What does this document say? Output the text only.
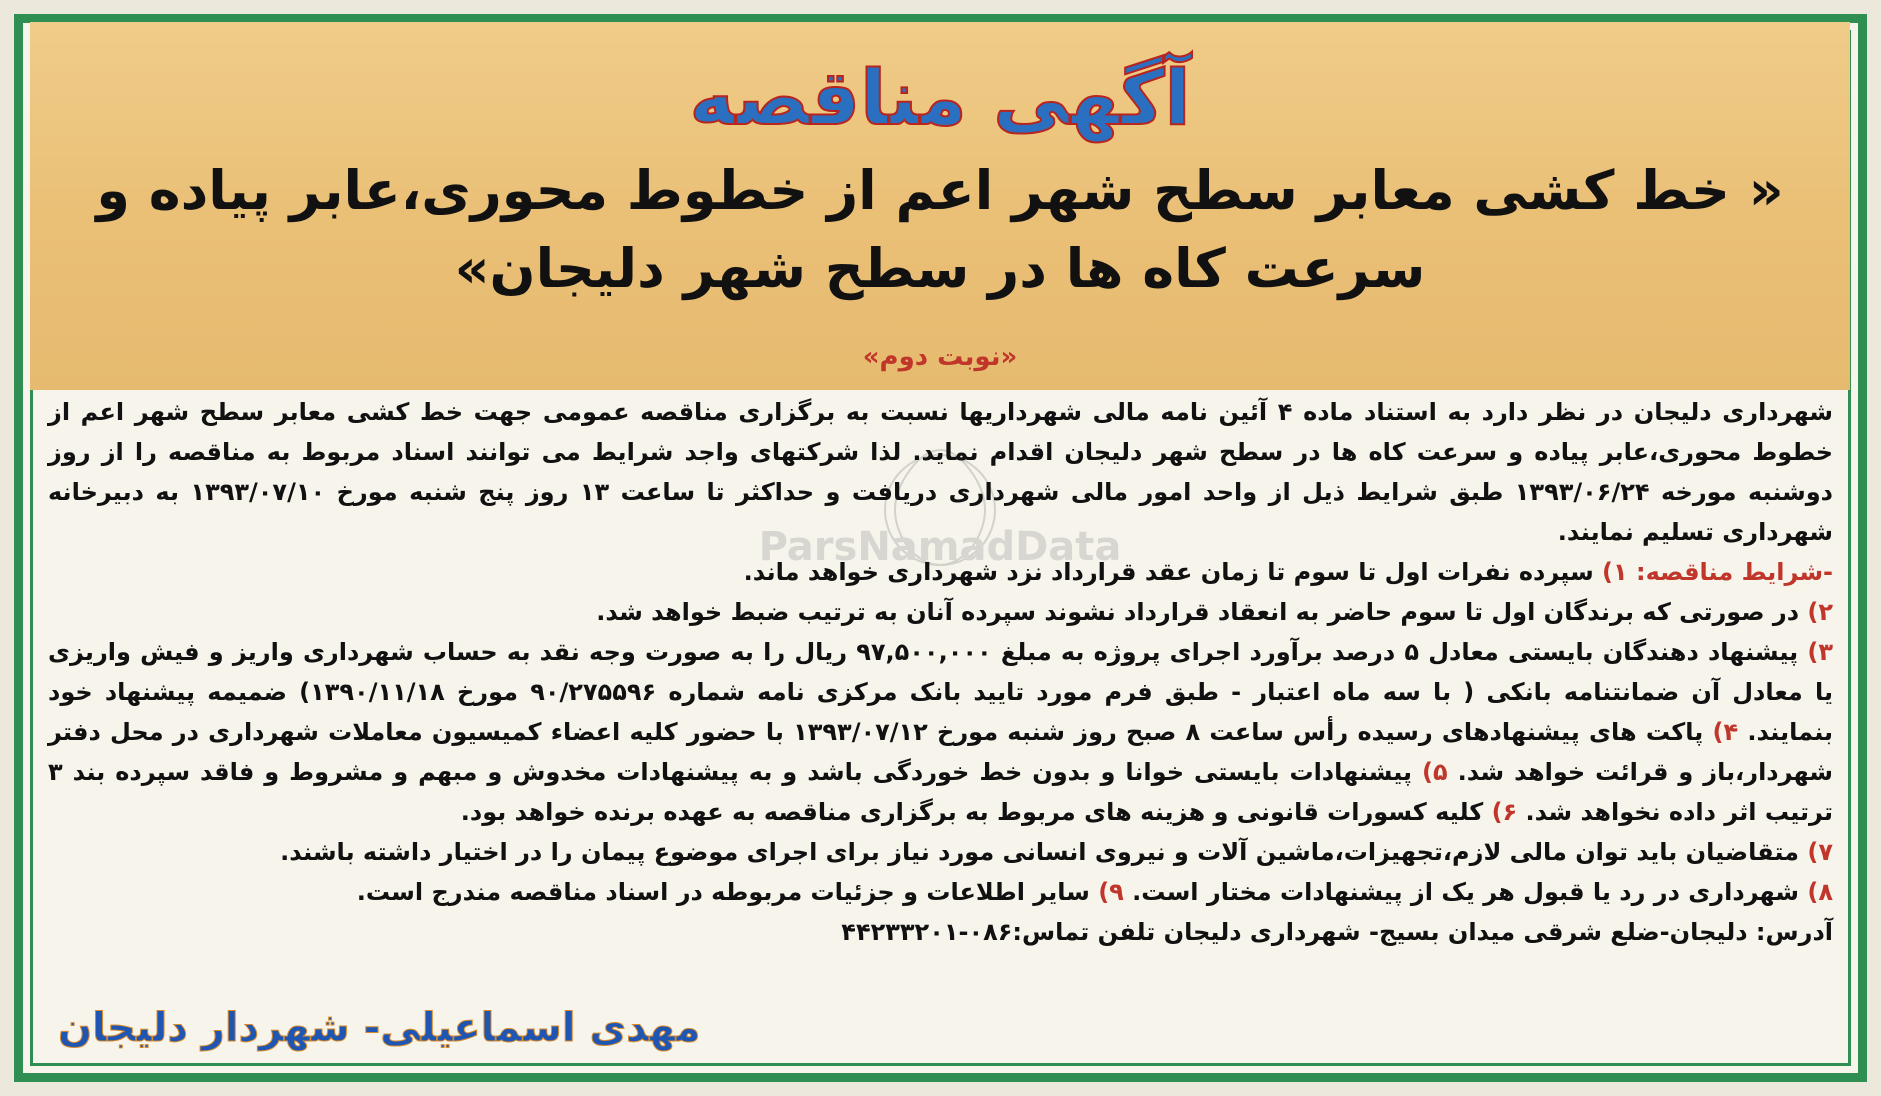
آگهی مناقصه

« خط کشی معابر سطح شهر اعم از خطوط محوری،عابر پیاده و سرعت کاه ها در سطح شهر دلیجان»

«نوبت دوم»
ParsNamadData

شهرداری دلیجان در نظر دارد به استناد ماده ۴ آئین نامه مالی شهرداریها نسبت به برگزاری مناقصه عمومی جهت خط کشی معابر سطح شهر اعم از خطوط محوری،عابر پیاده و سرعت کاه ها در سطح شهر دلیجان اقدام نماید. لذا شرکتهای واجد شرایط می توانند اسناد مربوط به مناقصه را از روز دوشنبه مورخه ۱۳۹۳/۰۶/۲۴ طبق شرایط ذیل از واحد امور مالی شهرداری دریافت و حداکثر تا ساعت ۱۳ روز پنج شنبه مورخ ۱۳۹۳/۰۷/۱۰ به دبیرخانه شهرداری تسلیم نمایند.

-شرایط مناقصه: ۱) سپرده نفرات اول تا سوم تا زمان عقد قرارداد نزد شهرداری خواهد ماند.

۲) در صورتی که برندگان اول تا سوم حاضر به انعقاد قرارداد نشوند سپرده آنان به ترتیب ضبط خواهد شد.

۳) پیشنهاد دهندگان بایستی معادل ۵ درصد برآورد اجرای پروژه به مبلغ ۹۷,۵۰۰,۰۰۰ ریال را به صورت وجه نقد به حساب شهرداری واریز و فیش واریزی یا معادل آن ضمانتنامه بانکی ( با سه ماه اعتبار - طبق فرم مورد تایید بانک مرکزی نامه شماره ۹۰/۲۷۵۵۹۶ مورخ ۱۳۹۰/۱۱/۱۸) ضمیمه پیشنهاد خود بنمایند. ۴) پاکت های پیشنهادهای رسیده رأس ساعت ۸ صبح روز شنبه مورخ ۱۳۹۳/۰۷/۱۲ با حضور کلیه اعضاء کمیسیون معاملات شهرداری در محل دفتر شهردار،باز و قرائت خواهد شد. ۵) پیشنهادات بایستی خوانا و بدون خط خوردگی باشد و به پیشنهادات مخدوش و مبهم و مشروط و فاقد سپرده بند ۳ ترتیب اثر داده نخواهد شد. ۶) کلیه کسورات قانونی و هزینه های مربوط به برگزاری مناقصه به عهده برنده خواهد بود.

۷) متقاضیان باید توان مالی لازم،تجهیزات،ماشین آلات و نیروی انسانی مورد نیاز برای اجرای موضوع پیمان را در اختیار داشته باشند.

۸) شهرداری در رد یا قبول هر یک از پیشنهادات مختار است. ۹) سایر اطلاعات و جزئیات مربوطه در اسناد مناقصه مندرج است.

آدرس: دلیجان-ضلع شرقی میدان بسیج- شهرداری دلیجان تلفن تماس:۰۸۶-۴۴۲۳۳۲۰۱

مهدی اسماعیلی- شهردار دلیجان
